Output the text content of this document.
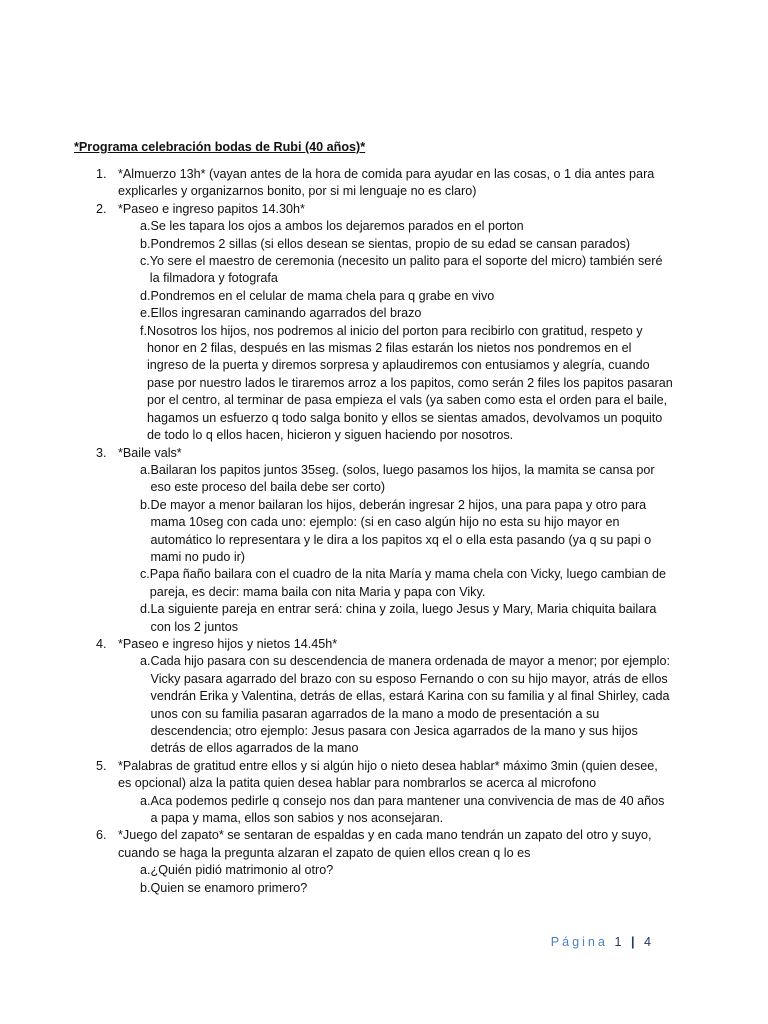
*Programa celebración bodas de Rubi (40 años)*

1. *Almuerzo 13h* (vayan antes de la hora de comida para ayudar en las cosas, o 1 dia antes para explicarles y organizarnos bonito, por si mi lenguaje no es claro)
2. *Paseo e ingreso papitos 14.30h*
a. Se les tapara los ojos a ambos los dejaremos parados en el porton
b. Pondremos 2 sillas (si ellos desean se sientas, propio de su edad se cansan parados)
c. Yo sere el maestro de ceremonia (necesito un palito para el soporte del micro) también seré la filmadora y fotografa
d. Pondremos en el celular de mama chela para q grabe en vivo
e. Ellos ingresaran caminando agarrados del brazo
f. Nosotros los hijos, nos podremos al inicio del porton para recibirlo con gratitud, respeto y honor en 2 filas, después en las mismas 2 filas estarán los nietos nos pondremos en el ingreso de la puerta y diremos sorpresa y aplaudiremos con entusiamos y alegría, cuando pase por nuestro lados le tiraremos arroz a los papitos, como serán 2 files los papitos pasaran por el centro, al terminar de pasa empieza el vals (ya saben como esta el orden para el baile, hagamos un esfuerzo q todo salga bonito y ellos se sientas amados, devolvamos un poquito de todo lo q ellos hacen, hicieron y siguen haciendo por nosotros.
3. *Baile vals*
a. Bailaran los papitos juntos 35seg. (solos, luego pasamos los hijos, la mamita se cansa por eso este proceso del baila debe ser corto)
b. De mayor a menor bailaran los hijos, deberán ingresar 2 hijos, una para papa y otro para mama 10seg con cada uno: ejemplo: (si en caso algún hijo no esta su hijo mayor en automático lo representara y le dira a los papitos xq el o ella esta pasando (ya q su papi o mami no pudo ir)
c. Papa ñaño bailara con el cuadro de la nita María y mama chela con Vicky, luego cambian de pareja, es decir: mama baila con nita Maria y papa con Viky.
d. La siguiente pareja en entrar será: china y zoila, luego Jesus y Mary, Maria chiquita bailara con los 2 juntos
4. *Paseo e ingreso hijos y nietos 14.45h*
a. Cada hijo pasara con su descendencia de manera ordenada de mayor a menor; por ejemplo: Vicky pasara agarrado del brazo con su esposo Fernando o con su hijo mayor, atrás de ellos vendrán Erika y Valentina, detrás de ellas, estará Karina con su familia y al final Shirley, cada unos con su familia pasaran agarrados de la mano a modo de presentación a su descendencia; otro ejemplo: Jesus pasara con Jesica agarrados de la mano y sus hijos detrás de ellos agarrados de la mano
5. *Palabras de gratitud entre ellos y si algún hijo o nieto desea hablar* máximo 3min (quien desee, es opcional) alza la patita quien desea hablar para nombrarlos se acerca al microfono
a. Aca podemos pedirle q consejo nos dan para mantener una convivencia de mas de 40 años a papa y mama, ellos son sabios y nos aconsejaran.
6. *Juego del zapato* se sentaran de espaldas y en cada mano tendrán un zapato del otro y suyo, cuando se haga la pregunta alzaran el zapato de quien ellos crean q lo es
a. ¿Quién pidió matrimonio al otro?
b. Quien se enamoro primero?
Página 1 | 4
